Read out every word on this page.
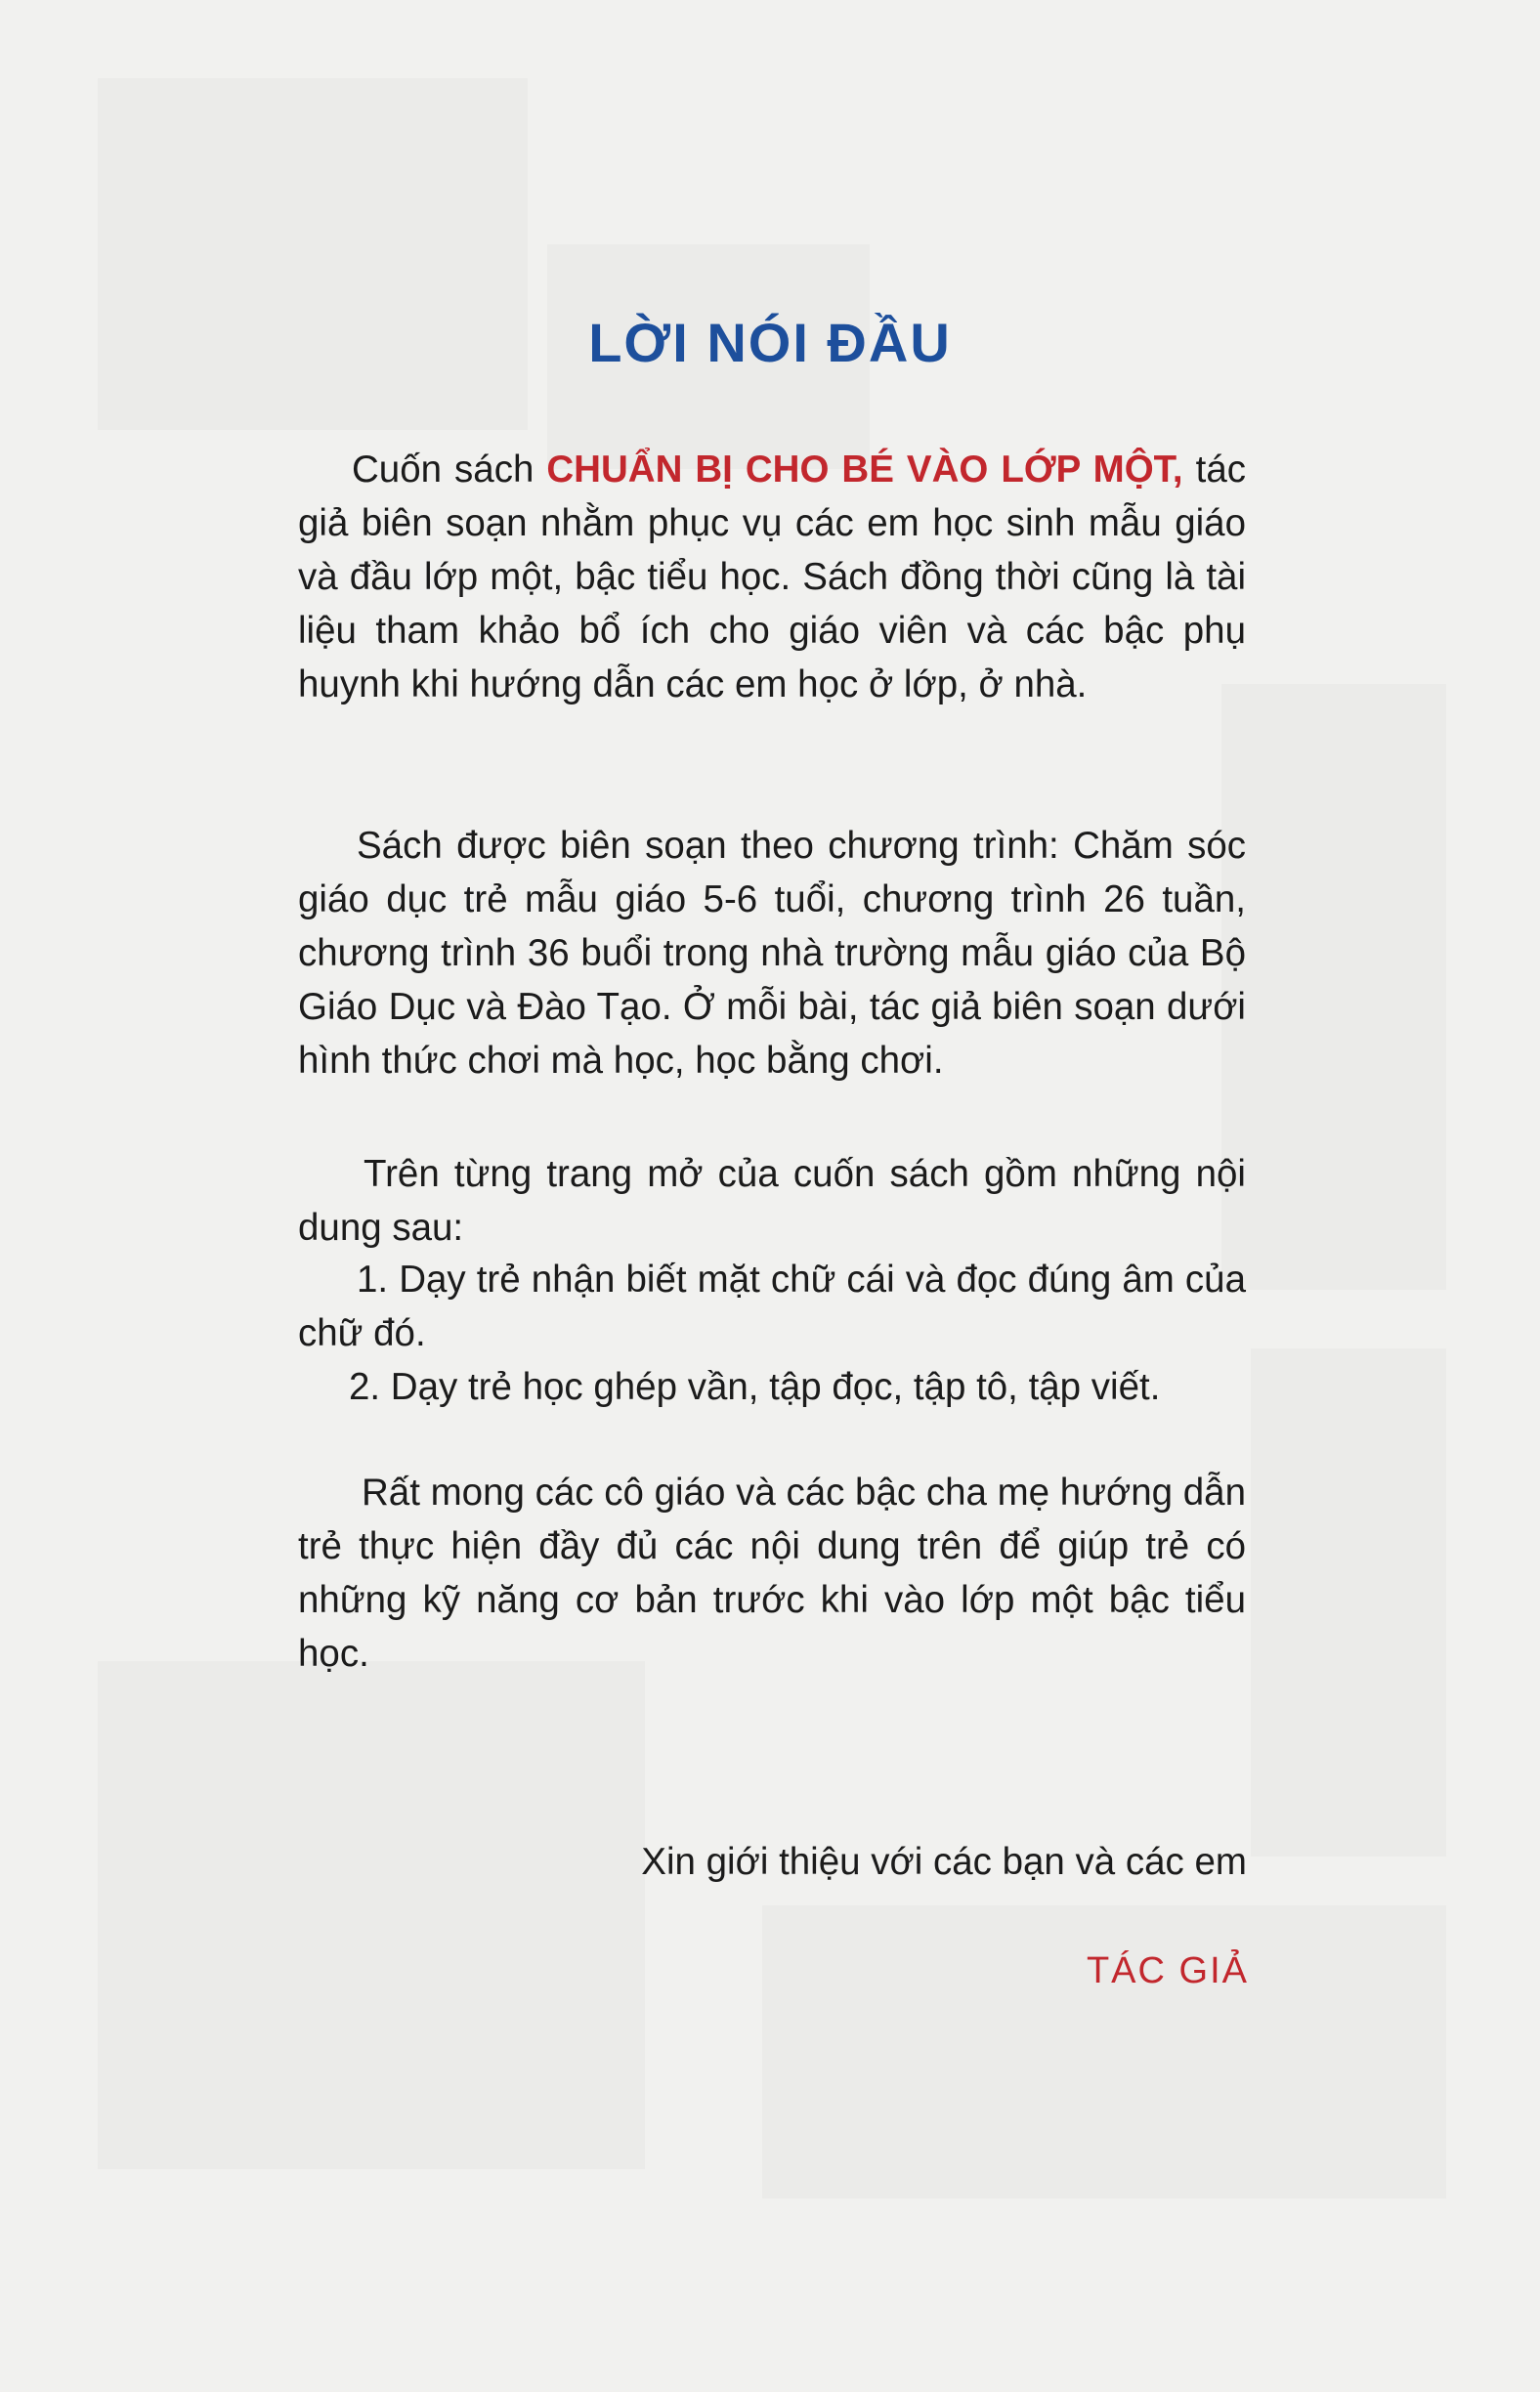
LỜI NÓI ĐẦU

Cuốn sách CHUẨN BỊ CHO BÉ VÀO LỚP MỘT, tác giả biên soạn nhằm phục vụ các em học sinh mẫu giáo và đầu lớp một, bậc tiểu học. Sách đồng thời cũng là tài liệu tham khảo bổ ích cho giáo viên và các bậc phụ huynh khi hướng dẫn các em học ở lớp, ở nhà.

Sách được biên soạn theo chương trình: Chăm sóc giáo dục trẻ mẫu giáo 5-6 tuổi, chương trình 26 tuần, chương trình 36 buổi trong nhà trường mẫu giáo của Bộ Giáo Dục và Đào Tạo. Ở mỗi bài, tác giả biên soạn dưới hình thức chơi mà học, học bằng chơi.

Trên từng trang mở của cuốn sách gồm những nội dung sau:

1. Dạy trẻ nhận biết mặt chữ cái và đọc đúng âm của chữ đó.

2. Dạy trẻ học ghép vần, tập đọc, tập tô, tập viết.

Rất mong các cô giáo và các bậc cha mẹ hướng dẫn trẻ thực hiện đầy đủ các nội dung trên để giúp trẻ có những kỹ năng cơ bản trước khi vào lớp một bậc tiểu học.

Xin giới thiệu với các bạn và các em

TÁC GIẢ
